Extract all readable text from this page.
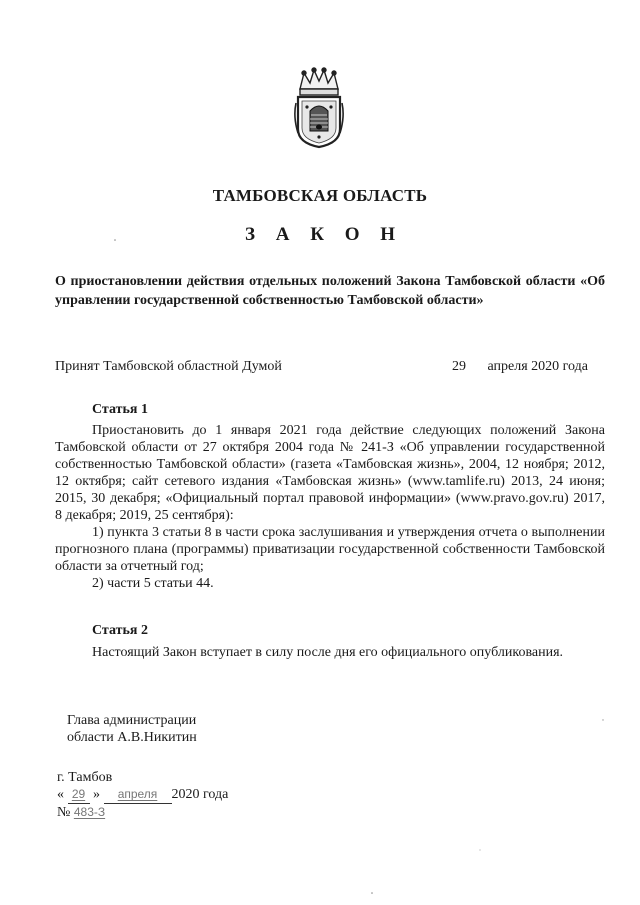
ТАМБОВСКАЯ ОБЛАСТЬ
З А К О Н
О приостановлении действия отдельных положений Закона Тамбовской области «Об управлении государственной собственностью Тамбовской области»
Принят Тамбовской областной Думой	29 апреля 2020 года
Статья 1

Приостановить до 1 января 2021 года действие следующих положений Закона Тамбовской области от 27 октября 2004 года № 241-З «Об управлении государственной собственностью Тамбовской области» (газета «Тамбовская жизнь», 2004, 12 ноября; 2012, 12 октября; сайт сетевого издания «Тамбовская жизнь» (www.tamlife.ru) 2013, 24 июня; 2015, 30 декабря; «Официальный портал правовой информации» (www.pravo.gov.ru) 2017, 8 декабря; 2019, 25 сентября):

1) пункта 3 статьи 8 в части срока заслушивания и утверждения отчета о выполнении прогнозного плана (программы) приватизации государственной собственности Тамбовской области за отчетный год;

2) части 5 статьи 44.

Статья 2

Настоящий Закон вступает в силу после дня его официального опубликования.

Глава администрации
области А.В.Никитин
г. Тамбов
« 29 » апреля 2020 года
№ 483-З
